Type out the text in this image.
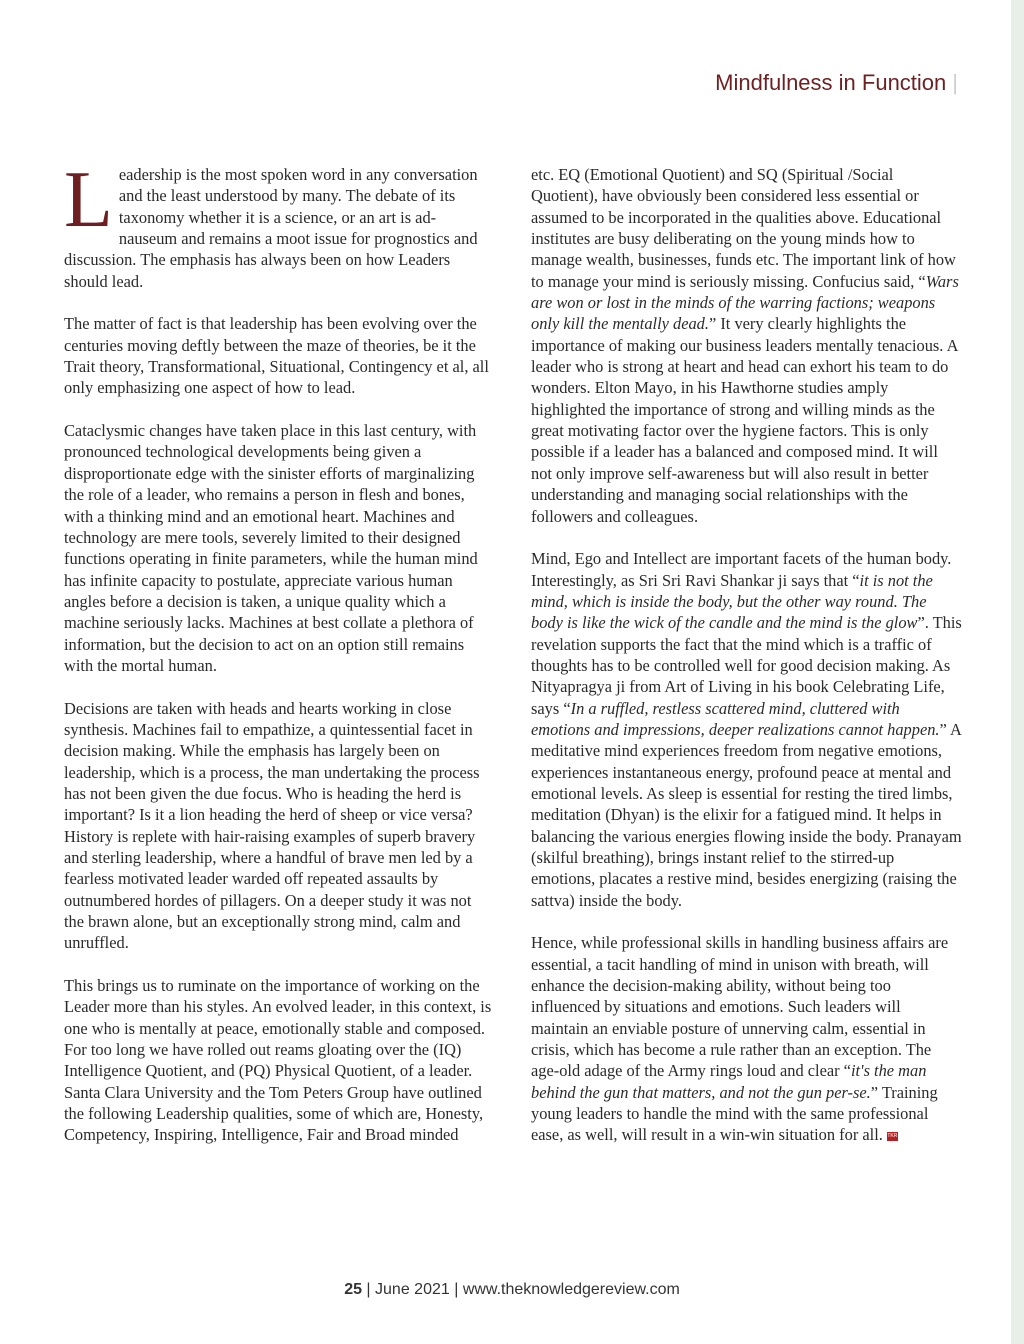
Mindfulness in Function |

Leadership is the most spoken word in any conversation and the least understood by many. The debate of its taxonomy whether it is a science, or an art is ad-nauseum and remains a moot issue for prognostics and discussion. The emphasis has always been on how Leaders should lead.

The matter of fact is that leadership has been evolving over the centuries moving deftly between the maze of theories, be it the Trait theory, Transformational, Situational, Contingency et al, all only emphasizing one aspect of how to lead.

Cataclysmic changes have taken place in this last century, with pronounced technological developments being given a disproportionate edge with the sinister efforts of marginalizing the role of a leader, who remains a person in flesh and bones, with a thinking mind and an emotional heart. Machines and technology are mere tools, severely limited to their designed functions operating in finite parameters, while the human mind has infinite capacity to postulate, appreciate various human angles before a decision is taken, a unique quality which a machine seriously lacks. Machines at best collate a plethora of information, but the decision to act on an option still remains with the mortal human.

Decisions are taken with heads and hearts working in close synthesis. Machines fail to empathize, a quintessential facet in decision making. While the emphasis has largely been on leadership, which is a process, the man undertaking the process has not been given the due focus. Who is heading the herd is important? Is it a lion heading the herd of sheep or vice versa? History is replete with hair-raising examples of superb bravery and sterling leadership, where a handful of brave men led by a fearless motivated leader warded off repeated assaults by outnumbered hordes of pillagers. On a deeper study it was not the brawn alone, but an exceptionally strong mind, calm and unruffled.

This brings us to ruminate on the importance of working on the Leader more than his styles. An evolved leader, in this context, is one who is mentally at peace, emotionally stable and composed. For too long we have rolled out reams gloating over the (IQ) Intelligence Quotient, and (PQ) Physical Quotient, of a leader. Santa Clara University and the Tom Peters Group have outlined the following Leadership qualities, some of which are, Honesty, Competency, Inspiring, Intelligence, Fair and Broad minded

etc. EQ (Emotional Quotient) and SQ (Spiritual /Social Quotient), have obviously been considered less essential or assumed to be incorporated in the qualities above. Educational institutes are busy deliberating on the young minds how to manage wealth, businesses, funds etc. The important link of how to manage your mind is seriously missing. Confucius said, “Wars are won or lost in the minds of the warring factions; weapons only kill the mentally dead.” It very clearly highlights the importance of making our business leaders mentally tenacious. A leader who is strong at heart and head can exhort his team to do wonders. Elton Mayo, in his Hawthorne studies amply highlighted the importance of strong and willing minds as the great motivating factor over the hygiene factors. This is only possible if a leader has a balanced and composed mind. It will not only improve self-awareness but will also result in better understanding and managing social relationships with the followers and colleagues.

Mind, Ego and Intellect are important facets of the human body. Interestingly, as Sri Sri Ravi Shankar ji says that “it is not the mind, which is inside the body, but the other way round. The body is like the wick of the candle and the mind is the glow”. This revelation supports the fact that the mind which is a traffic of thoughts has to be controlled well for good decision making. As Nityapragya ji from Art of Living in his book Celebrating Life, says “In a ruffled, restless scattered mind, cluttered with emotions and impressions, deeper realizations cannot happen.” A meditative mind experiences freedom from negative emotions, experiences instantaneous energy, profound peace at mental and emotional levels. As sleep is essential for resting the tired limbs, meditation (Dhyan) is the elixir for a fatigued mind. It helps in balancing the various energies flowing inside the body. Pranayam (skilful breathing), brings instant relief to the stirred-up emotions, placates a restive mind, besides energizing (raising the sattva) inside the body.

Hence, while professional skills in handling business affairs are essential, a tacit handling of mind in unison with breath, will enhance the decision-making ability, without being too influenced by situations and emotions. Such leaders will maintain an enviable posture of unnerving calm, essential in crisis, which has become a rule rather than an exception. The age-old adage of the Army rings loud and clear “it's the man behind the gun that matters, and not the gun per-se.” Training young leaders to handle the mind with the same professional ease, as well, will result in a win-win situation for all. TKR

25 | June 2021 | www.theknowledgereview.com
